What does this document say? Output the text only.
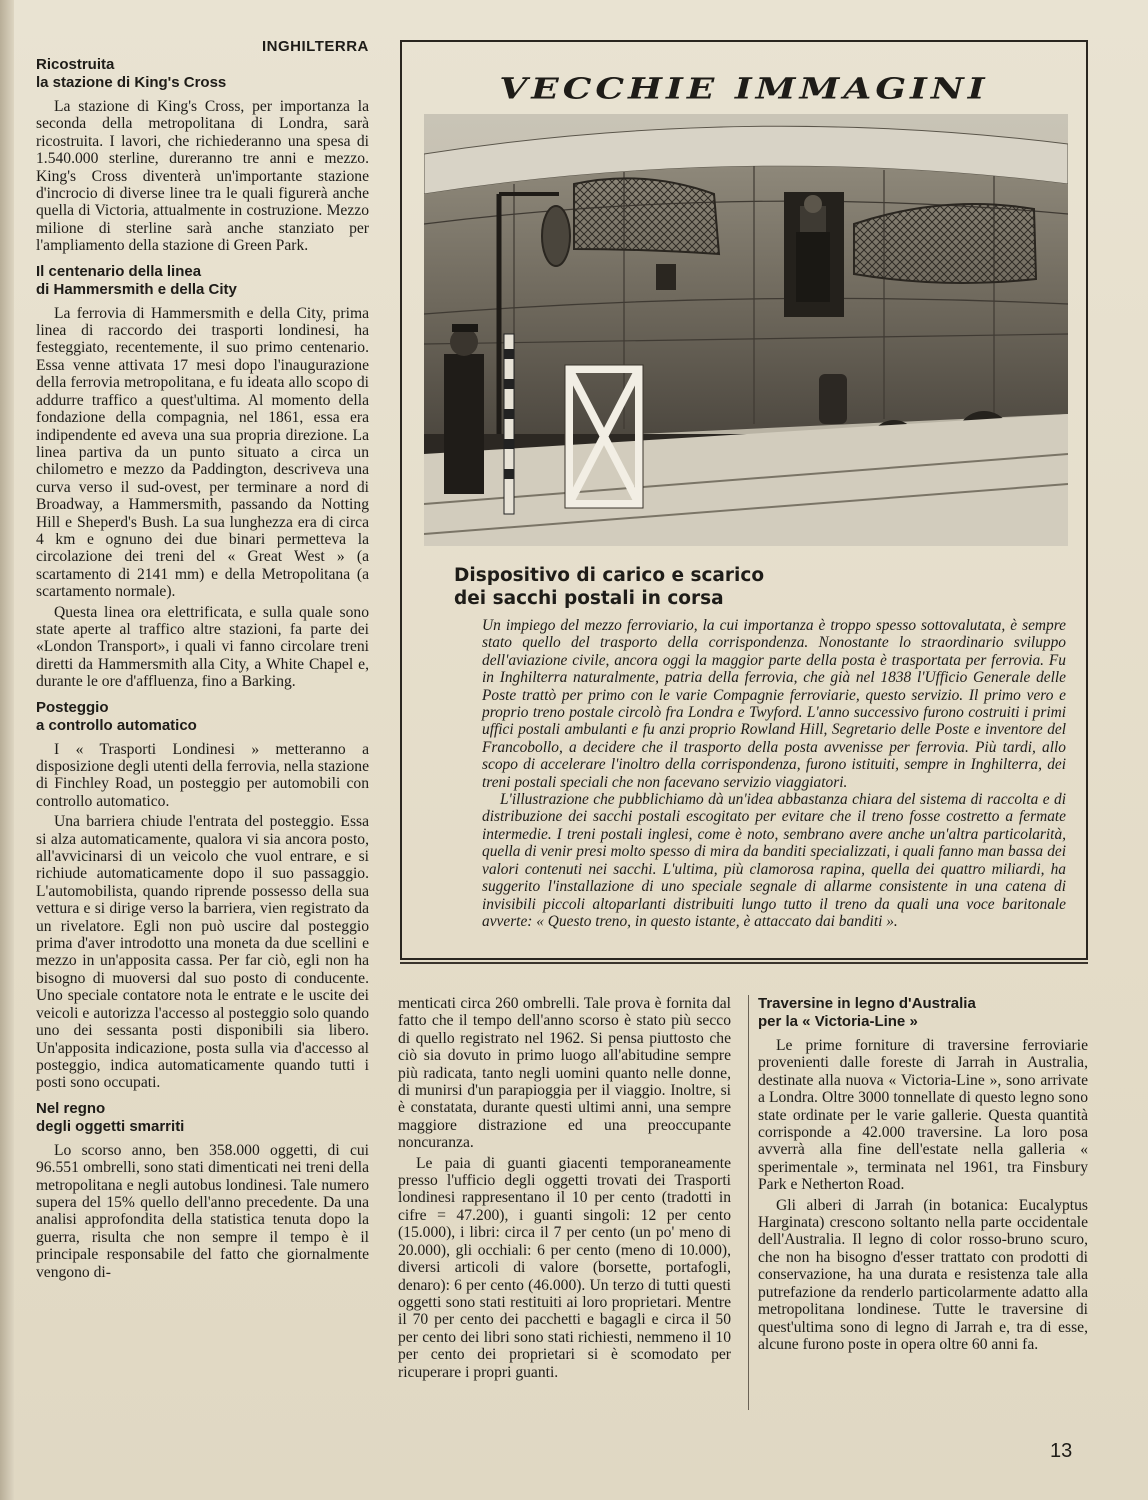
INGHILTERRA
Ricostruita
la stazione di King's Cross

La stazione di King's Cross, per importanza la seconda della metropolitana di Londra, sarà ricostruita. I lavori, che richiederanno una spesa di 1.540.000 sterline, dureranno tre anni e mezzo. King's Cross diventerà un'importante stazione d'incrocio di diverse linee tra le quali figurerà anche quella di Victoria, attualmente in costruzione. Mezzo milione di sterline sarà anche stanziato per l'ampliamento della stazione di Green Park.

Il centenario della linea
di Hammersmith e della City

La ferrovia di Hammersmith e della City, prima linea di raccordo dei trasporti londinesi, ha festeggiato, recentemente, il suo primo centenario. Essa venne attivata 17 mesi dopo l'inaugurazione della ferrovia metropolitana, e fu ideata allo scopo di addurre traffico a quest'ultima. Al momento della fondazione della compagnia, nel 1861, essa era indipendente ed aveva una sua propria direzione. La linea partiva da un punto situato a circa un chilometro e mezzo da Paddington, descriveva una curva verso il sud-ovest, per terminare a nord di Broadway, a Hammersmith, passando da Notting Hill e Sheperd's Bush. La sua lunghezza era di circa 4 km e ognuno dei due binari permetteva la circolazione dei treni del « Great West » (a scartamento di 2141 mm) e della Metropolitana (a scartamento normale).

Questa linea ora elettrificata, e sulla quale sono state aperte al traffico altre stazioni, fa parte dei «London Transport», i quali vi fanno circolare treni diretti da Hammersmith alla City, a White Chapel e, durante le ore d'affluenza, fino a Barking.

Posteggio
a controllo automatico

I « Trasporti Londinesi » metteranno a disposizione degli utenti della ferrovia, nella stazione di Finchley Road, un posteggio per automobili con controllo automatico.

Una barriera chiude l'entrata del posteggio. Essa si alza automaticamente, qualora vi sia ancora posto, all'avvicinarsi di un veicolo che vuol entrare, e si richiude automaticamente dopo il suo passaggio. L'automobilista, quando riprende possesso della sua vettura e si dirige verso la barriera, vien registrato da un rivelatore. Egli non può uscire dal posteggio prima d'aver introdotto una moneta da due scellini e mezzo in un'apposita cassa. Per far ciò, egli non ha bisogno di muoversi dal suo posto di conducente. Uno speciale contatore nota le entrate e le uscite dei veicoli e autorizza l'accesso al posteggio solo quando uno dei sessanta posti disponibili sia libero. Un'apposita indicazione, posta sulla via d'accesso al posteggio, indica automaticamente quando tutti i posti sono occupati.

Nel regno
degli oggetti smarriti

Lo scorso anno, ben 358.000 oggetti, di cui 96.551 ombrelli, sono stati dimenticati nei treni della metropolitana e negli autobus londinesi. Tale numero supera del 15% quello dell'anno precedente. Da una analisi approfondita della statistica tenuta dopo la guerra, risulta che non sempre il tempo è il principale responsabile del fatto che giornalmente vengono di-

VECCHIE IMMAGINI
Dispositivo di carico e scarico
dei sacchi postali in corsa

Un impiego del mezzo ferroviario, la cui importanza è troppo spesso sottovalutata, è sempre stato quello del trasporto della corrispondenza. Nonostante lo straordinario sviluppo dell'aviazione civile, ancora oggi la maggior parte della posta è trasportata per ferrovia. Fu in Inghilterra naturalmente, patria della ferrovia, che già nel 1838 l'Ufficio Generale delle Poste trattò per primo con le varie Compagnie ferroviarie, questo servizio. Il primo vero e proprio treno postale circolò fra Londra e Twyford. L'anno successivo furono costruiti i primi uffici postali ambulanti e fu anzi proprio Rowland Hill, Segretario delle Poste e inventore del Francobollo, a decidere che il trasporto della posta avvenisse per ferrovia. Più tardi, allo scopo di accelerare l'inoltro della corrispondenza, furono istituiti, sempre in Inghilterra, dei treni postali speciali che non facevano servizio viaggiatori.

L'illustrazione che pubblichiamo dà un'idea abbastanza chiara del sistema di raccolta e di distribuzione dei sacchi postali escogitato per evitare che il treno fosse costretto a fermate intermedie. I treni postali inglesi, come è noto, sembrano avere anche un'altra particolarità, quella di venir presi molto spesso di mira da banditi specializzati, i quali fanno man bassa dei valori contenuti nei sacchi. L'ultima, più clamorosa rapina, quella dei quattro miliardi, ha suggerito l'installazione di uno speciale segnale di allarme consistente in una catena di invisibili piccoli altoparlanti distribuiti lungo tutto il treno da quali una voce baritonale avverte: « Questo treno, in questo istante, è attaccato dai banditi ».

menticati circa 260 ombrelli. Tale prova è fornita dal fatto che il tempo dell'anno scorso è stato più secco di quello registrato nel 1962. Si pensa piuttosto che ciò sia dovuto in primo luogo all'abitudine sempre più radicata, tanto negli uomini quanto nelle donne, di munirsi d'un parapioggia per il viaggio. Inoltre, si è constatata, durante questi ultimi anni, una sempre maggiore distrazione ed una preoccupante noncuranza.

Le paia di guanti giacenti temporaneamente presso l'ufficio degli oggetti trovati dei Trasporti londinesi rappresentano il 10 per cento (tradotti in cifre = 47.200), i guanti singoli: 12 per cento (15.000), i libri: circa il 7 per cento (un po' meno di 20.000), gli occhiali: 6 per cento (meno di 10.000), diversi articoli di valore (borsette, portafogli, denaro): 6 per cento (46.000). Un terzo di tutti questi oggetti sono stati restituiti ai loro proprietari. Mentre il 70 per cento dei pacchetti e bagagli e circa il 50 per cento dei libri sono stati richiesti, nemmeno il 10 per cento dei proprietari si è scomodato per ricuperare i propri guanti.

Traversine in legno d'Australia
per la « Victoria-Line »

Le prime forniture di traversine ferroviarie provenienti dalle foreste di Jarrah in Australia, destinate alla nuova « Victoria-Line », sono arrivate a Londra. Oltre 3000 tonnellate di questo legno sono state ordinate per le varie gallerie. Questa quantità corrisponde a 42.000 traversine. La loro posa avverrà alla fine dell'estate nella galleria « sperimentale », terminata nel 1961, tra Finsbury Park e Netherton Road.

Gli alberi di Jarrah (in botanica: Eucalyptus Harginata) crescono soltanto nella parte occidentale dell'Australia. Il legno di color rosso-bruno scuro, che non ha bisogno d'esser trattato con prodotti di conservazione, ha una durata e resistenza tale alla putrefazione da renderlo particolarmente adatto alla metropolitana londinese. Tutte le traversine di quest'ultima sono di legno di Jarrah e, tra di esse, alcune furono poste in opera oltre 60 anni fa.

13
